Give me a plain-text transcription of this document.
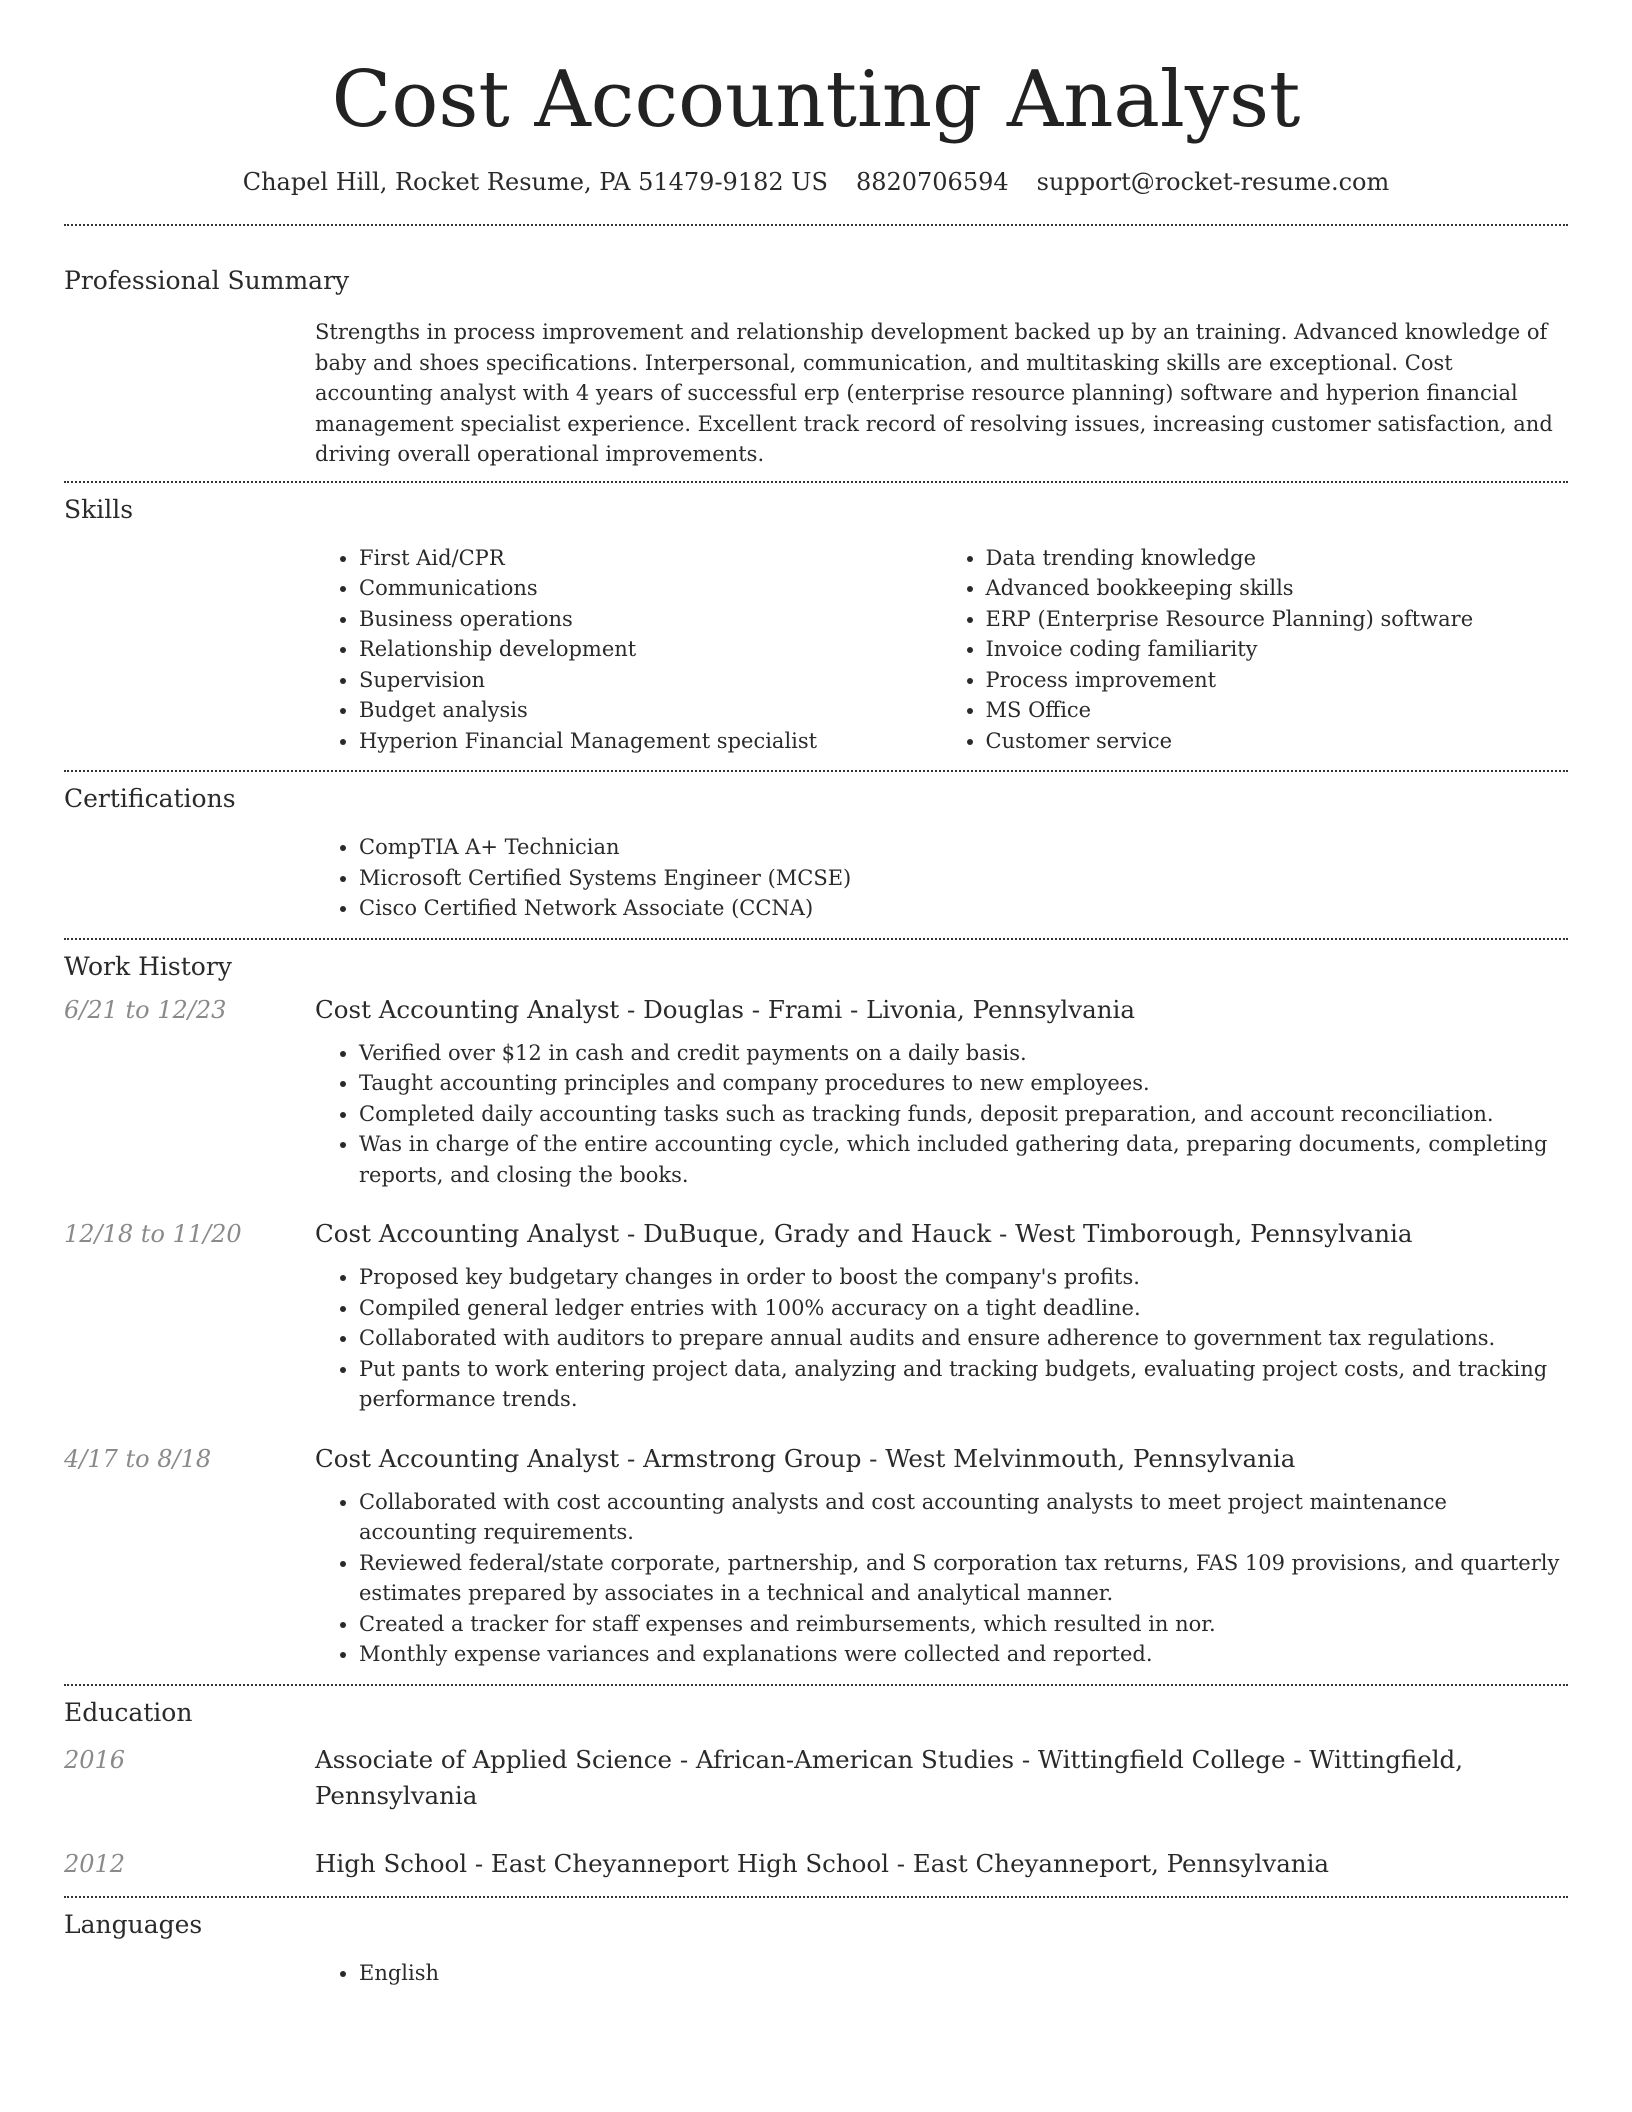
Cost Accounting Analyst
Chapel Hill, Rocket Resume, PA 51479-9182 US 8820706594 support@rocket-resume.com
Professional Summary
Strengths in process improvement and relationship development backed up by an training. Advanced knowledge of baby and shoes specifications. Interpersonal, communication, and multitasking skills are exceptional. Cost accounting analyst with 4 years of successful erp (enterprise resource planning) software and hyperion financial management specialist experience. Excellent track record of resolving issues, increasing customer satisfaction, and driving overall operational improvements.
Skills
• First Aid/CPR
• Communications
• Business operations
• Relationship development
• Supervision
• Budget analysis
• Hyperion Financial Management specialist
• Data trending knowledge
• Advanced bookkeeping skills
• ERP (Enterprise Resource Planning) software
• Invoice coding familiarity
• Process improvement
• MS Office
• Customer service
Certifications
• CompTIA A+ Technician
• Microsoft Certified Systems Engineer (MCSE)
• Cisco Certified Network Associate (CCNA)
Work History
6/21 to 12/23	Cost Accounting Analyst - Douglas - Frami - Livonia, Pennsylvania
• Verified over $12 in cash and credit payments on a daily basis.
• Taught accounting principles and company procedures to new employees.
• Completed daily accounting tasks such as tracking funds, deposit preparation, and account reconciliation.
• Was in charge of the entire accounting cycle, which included gathering data, preparing documents, completing reports, and closing the books.
12/18 to 11/20	Cost Accounting Analyst - DuBuque, Grady and Hauck - West Timborough, Pennsylvania
• Proposed key budgetary changes in order to boost the company's profits.
• Compiled general ledger entries with 100% accuracy on a tight deadline.
• Collaborated with auditors to prepare annual audits and ensure adherence to government tax regulations.
• Put pants to work entering project data, analyzing and tracking budgets, evaluating project costs, and tracking performance trends.
4/17 to 8/18	Cost Accounting Analyst - Armstrong Group - West Melvinmouth, Pennsylvania
• Collaborated with cost accounting analysts and cost accounting analysts to meet project maintenance accounting requirements.
• Reviewed federal/state corporate, partnership, and S corporation tax returns, FAS 109 provisions, and quarterly estimates prepared by associates in a technical and analytical manner.
• Created a tracker for staff expenses and reimbursements, which resulted in nor.
• Monthly expense variances and explanations were collected and reported.
Education
2016	Associate of Applied Science - African-American Studies - Wittingfield College - Wittingfield, Pennsylvania
2012	High School - East Cheyanneport High School - East Cheyanneport, Pennsylvania
Languages
• English
